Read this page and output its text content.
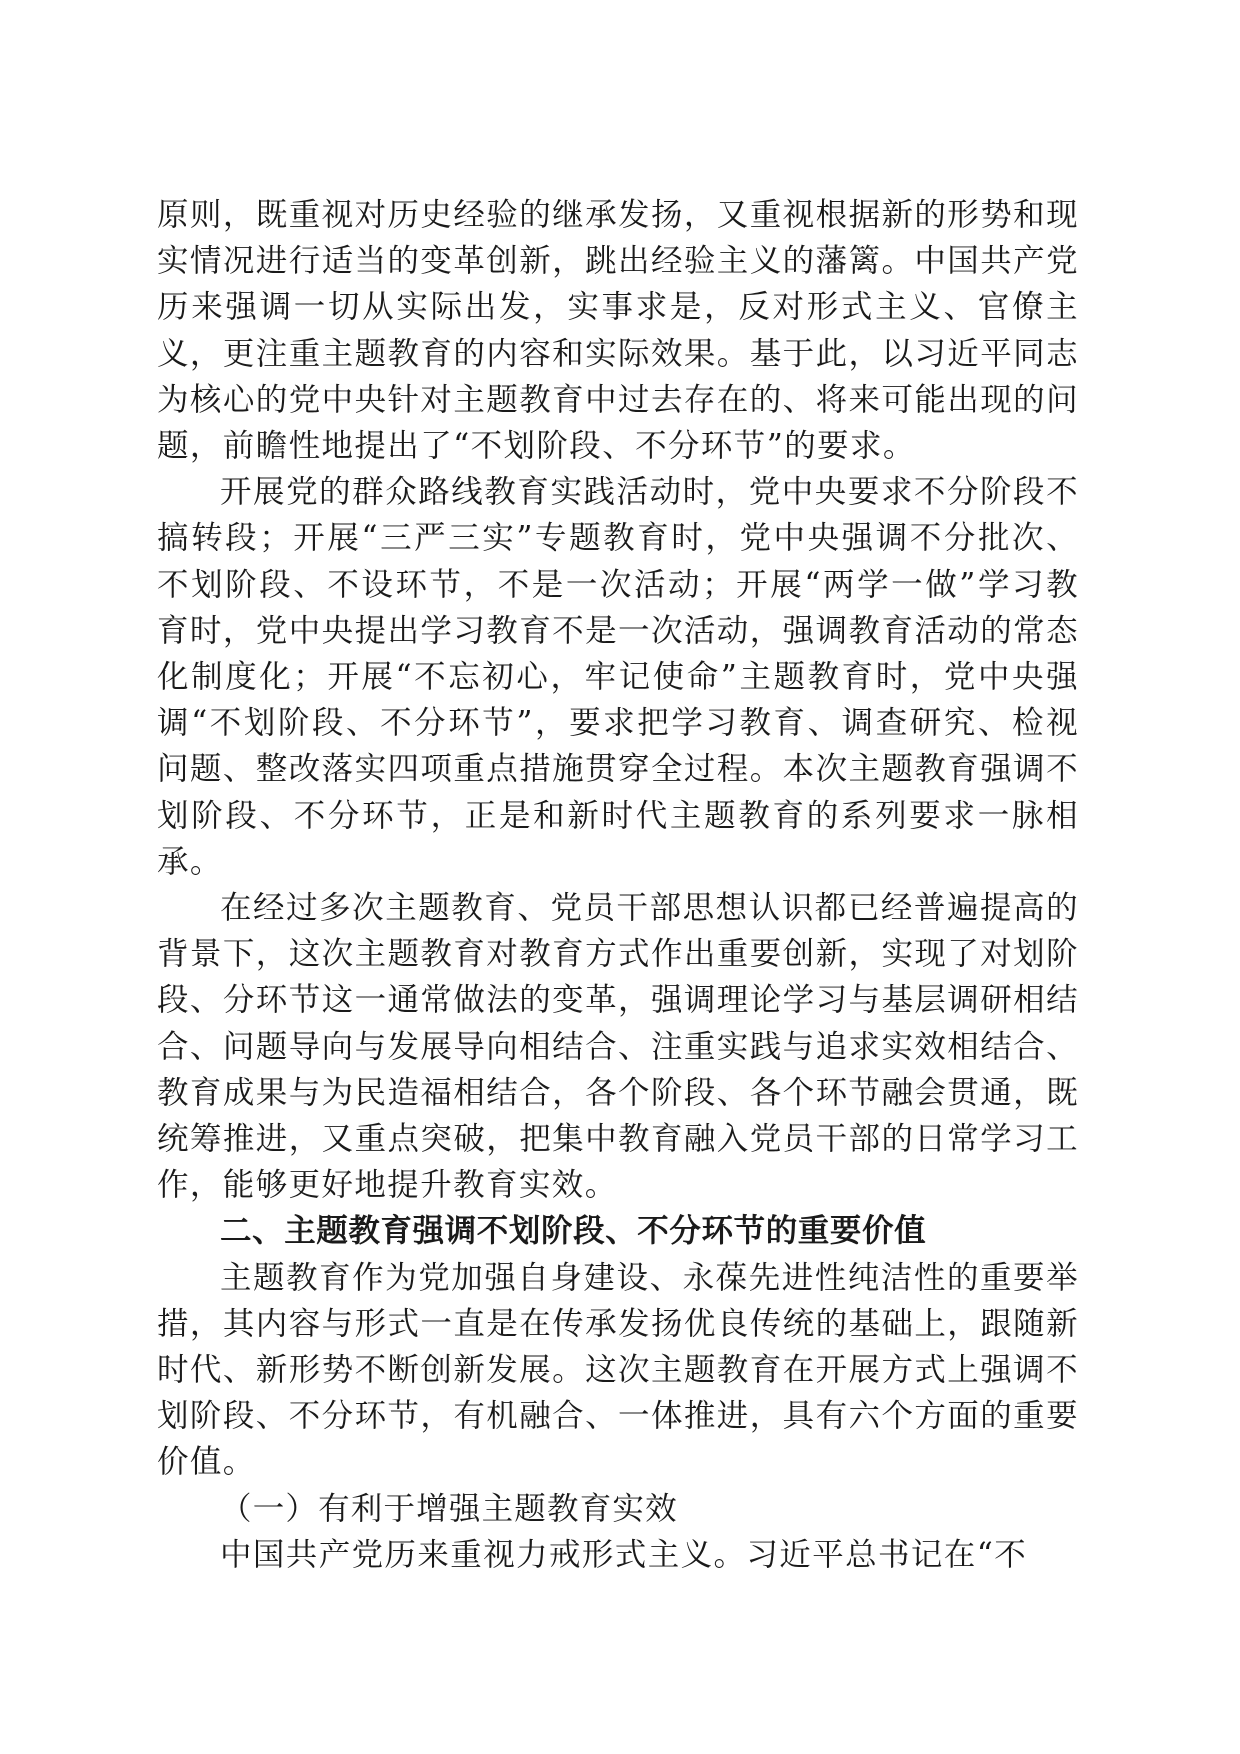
原则，既重视对历史经验的继承发扬，又重视根据新的形势和现实情况进行适当的变革创新，跳出经验主义的藩篱。中国共产党历来强调一切从实际出发，实事求是，反对形式主义、官僚主义，更注重主题教育的内容和实际效果。基于此，以习近平同志为核心的党中央针对主题教育中过去存在的、将来可能出现的问题，前瞻性地提出了“不划阶段、不分环节”的要求。

开展党的群众路线教育实践活动时，党中央要求不分阶段不搞转段；开展“三严三实”专题教育时，党中央强调不分批次、不划阶段、不设环节，不是一次活动；开展“两学一做”学习教育时，党中央提出学习教育不是一次活动，强调教育活动的常态化制度化；开展“不忘初心，牢记使命”主题教育时，党中央强调“不划阶段、不分环节”，要求把学习教育、调查研究、检视问题、整改落实四项重点措施贯穿全过程。本次主题教育强调不划阶段、不分环节，正是和新时代主题教育的系列要求一脉相承。

在经过多次主题教育、党员干部思想认识都已经普遍提高的背景下，这次主题教育对教育方式作出重要创新，实现了对划阶段、分环节这一通常做法的变革，强调理论学习与基层调研相结合、问题导向与发展导向相结合、注重实践与追求实效相结合、教育成果与为民造福相结合，各个阶段、各个环节融会贯通，既统筹推进，又重点突破，把集中教育融入党员干部的日常学习工作，能够更好地提升教育实效。

二、主题教育强调不划阶段、不分环节的重要价值

主题教育作为党加强自身建设、永葆先进性纯洁性的重要举措，其内容与形式一直是在传承发扬优良传统的基础上，跟随新时代、新形势不断创新发展。这次主题教育在开展方式上强调不划阶段、不分环节，有机融合、一体推进，具有六个方面的重要价值。

（一）有利于增强主题教育实效

中国共产党历来重视力戒形式主义。习近平总书记在“不
